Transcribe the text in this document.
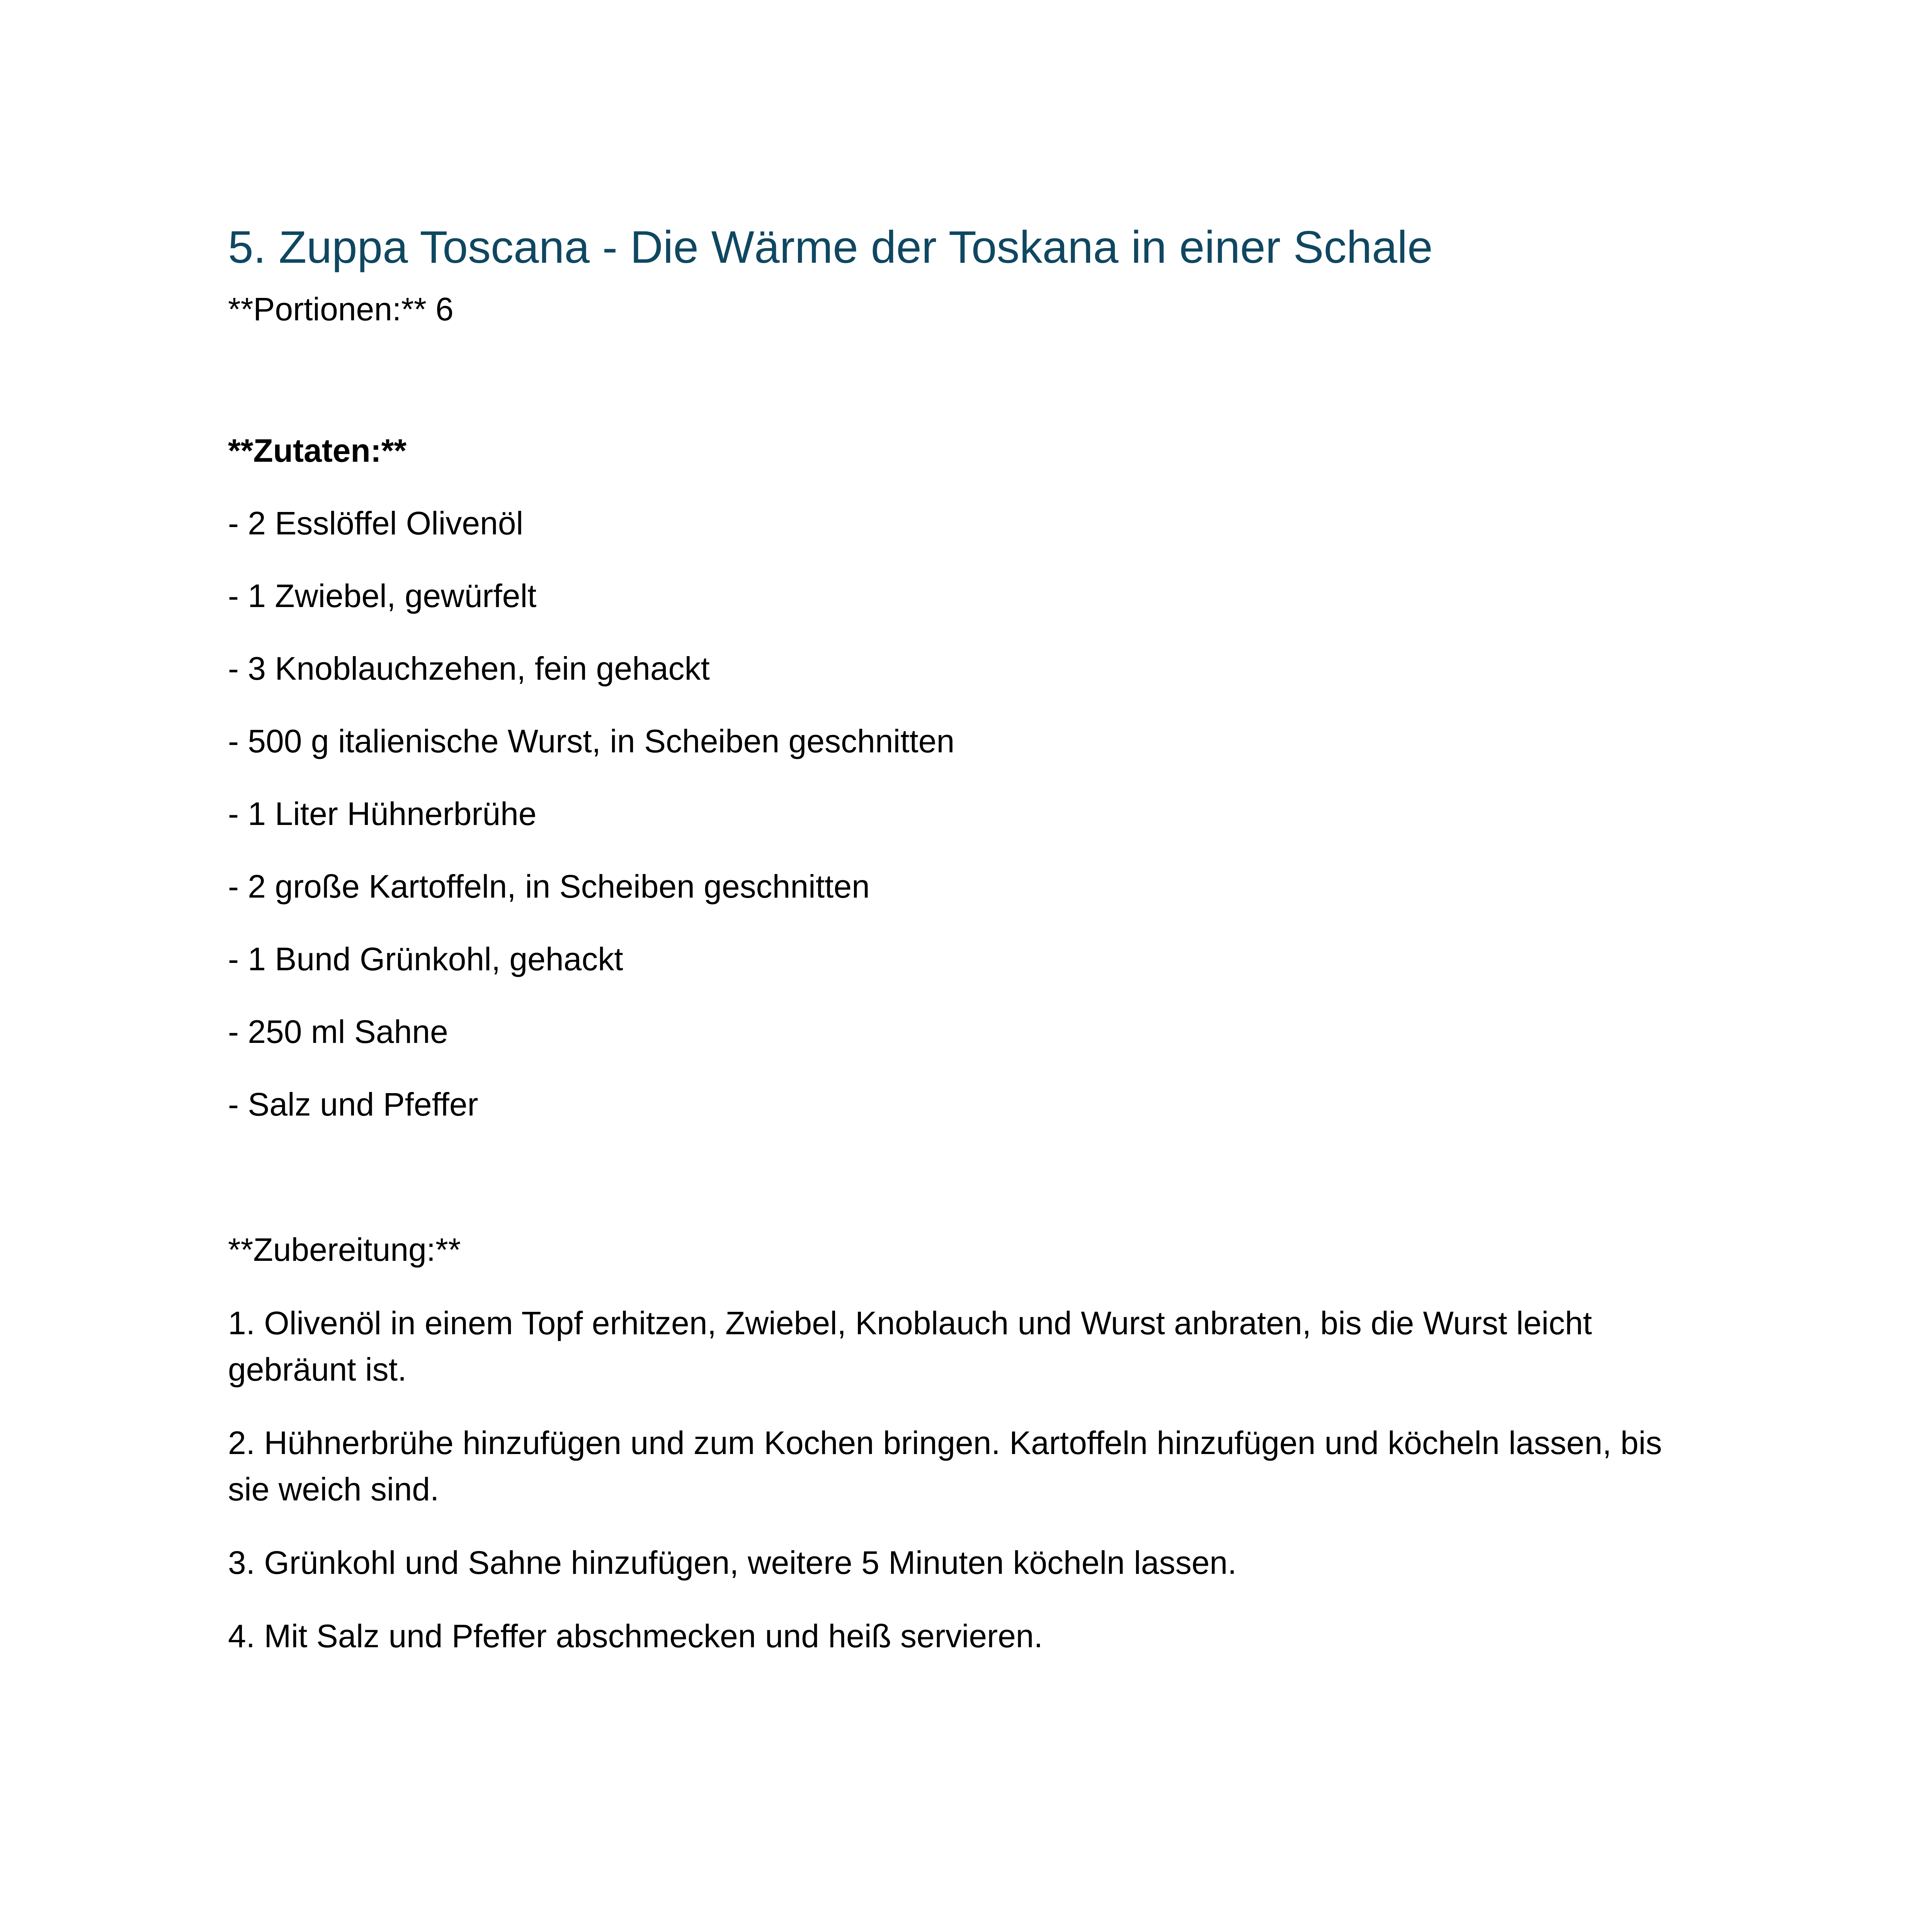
5. Zuppa Toscana - Die Wärme der Toskana in einer Schale

**Portionen:** 6

**Zutaten:**

- 2 Esslöffel Olivenöl
- 1 Zwiebel, gewürfelt
- 3 Knoblauchzehen, fein gehackt
- 500 g italienische Wurst, in Scheiben geschnitten
- 1 Liter Hühnerbrühe
- 2 große Kartoffeln, in Scheiben geschnitten
- 1 Bund Grünkohl, gehackt
- 250 ml Sahne
- Salz und Pfeffer

**Zubereitung:**

1. Olivenöl in einem Topf erhitzen, Zwiebel, Knoblauch und Wurst anbraten, bis die Wurst leicht gebräunt ist.
2. Hühnerbrühe hinzufügen und zum Kochen bringen. Kartoffeln hinzufügen und köcheln lassen, bis sie weich sind.
3. Grünkohl und Sahne hinzufügen, weitere 5 Minuten köcheln lassen.
4. Mit Salz und Pfeffer abschmecken und heiß servieren.
